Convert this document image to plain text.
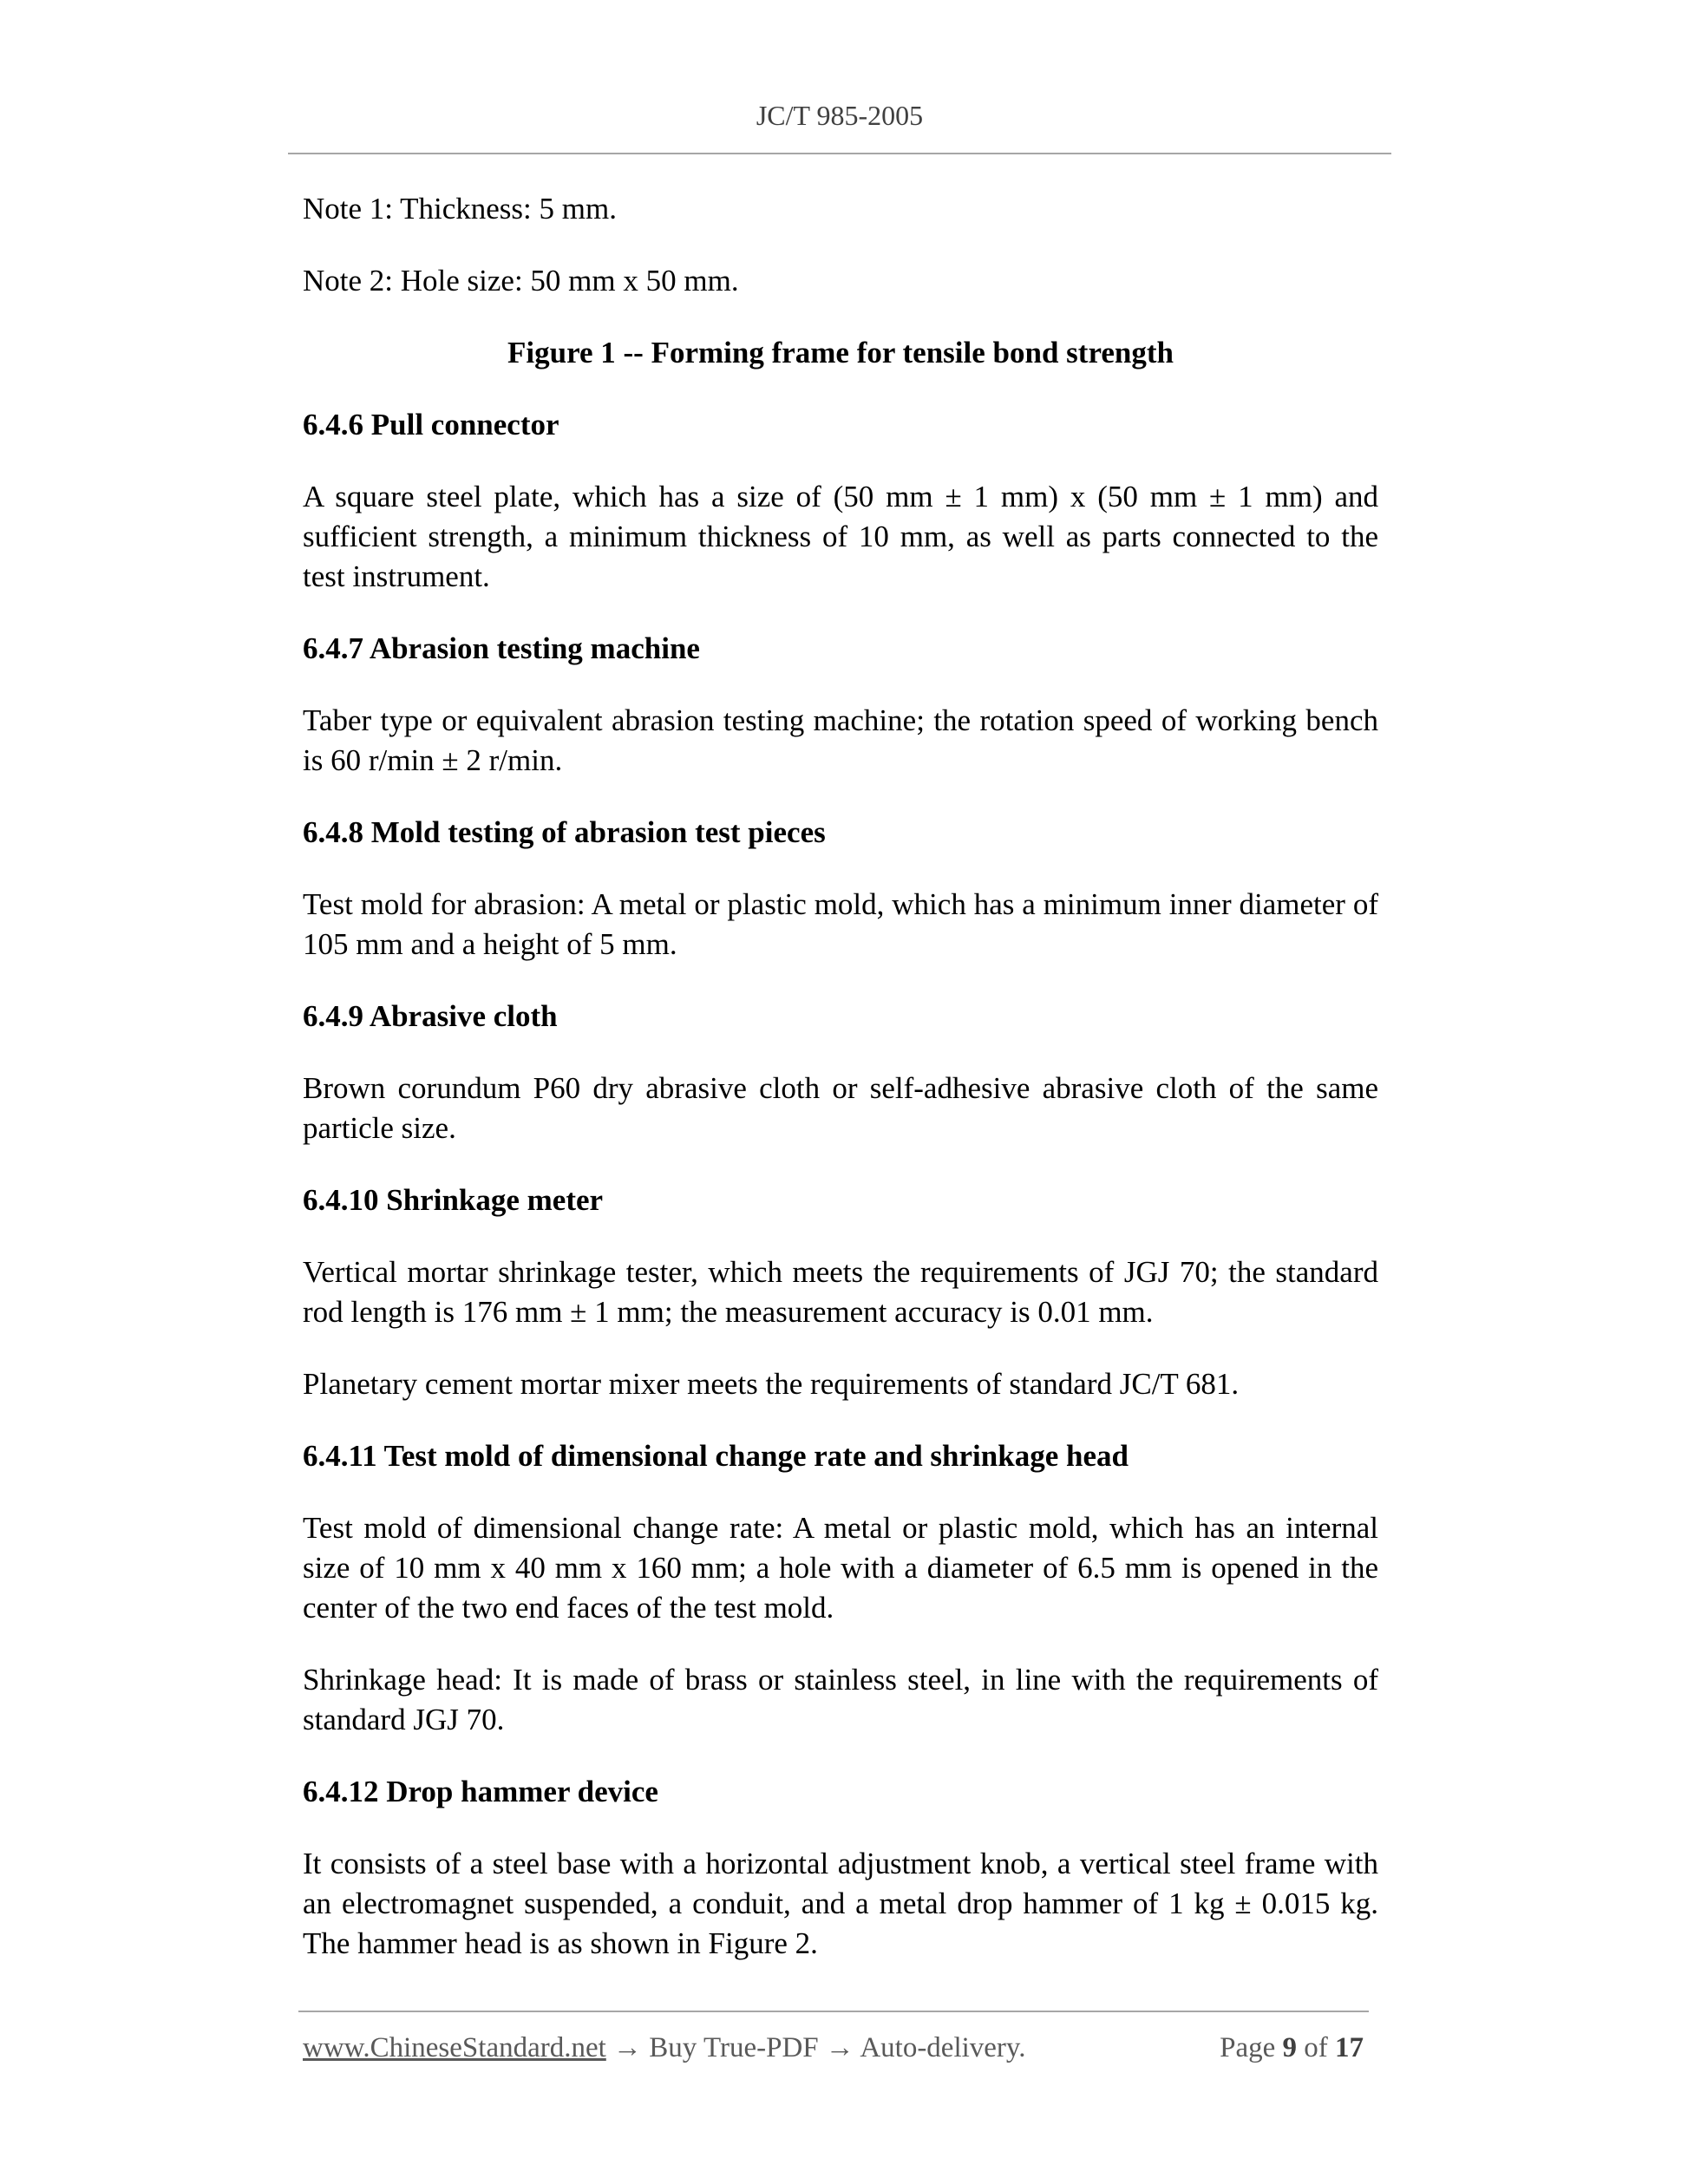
JC/T 985-2005

Note 1: Thickness: 5 mm.

Note 2: Hole size: 50 mm x 50 mm.

Figure 1 -- Forming frame for tensile bond strength

6.4.6 Pull connector

A square steel plate, which has a size of (50 mm ± 1 mm) x (50 mm ± 1 mm) and sufficient strength, a minimum thickness of 10 mm, as well as parts connected to the test instrument.

6.4.7 Abrasion testing machine

Taber type or equivalent abrasion testing machine; the rotation speed of working bench is 60 r/min ± 2 r/min.

6.4.8 Mold testing of abrasion test pieces

Test mold for abrasion: A metal or plastic mold, which has a minimum inner diameter of 105 mm and a height of 5 mm.

6.4.9 Abrasive cloth

Brown corundum P60 dry abrasive cloth or self-adhesive abrasive cloth of the same particle size.

6.4.10 Shrinkage meter

Vertical mortar shrinkage tester, which meets the requirements of JGJ 70; the standard rod length is 176 mm ± 1 mm; the measurement accuracy is 0.01 mm.

Planetary cement mortar mixer meets the requirements of standard JC/T 681.

6.4.11 Test mold of dimensional change rate and shrinkage head

Test mold of dimensional change rate: A metal or plastic mold, which has an internal size of 10 mm x 40 mm x 160 mm; a hole with a diameter of 6.5 mm is opened in the center of the two end faces of the test mold.

Shrinkage head: It is made of brass or stainless steel, in line with the requirements of standard JGJ 70.

6.4.12 Drop hammer device

It consists of a steel base with a horizontal adjustment knob, a vertical steel frame with an electromagnet suspended, a conduit, and a metal drop hammer of 1 kg ± 0.015 kg. The hammer head is as shown in Figure 2.

www.ChineseStandard.net → Buy True-PDF → Auto-delivery.	Page 9 of 17
